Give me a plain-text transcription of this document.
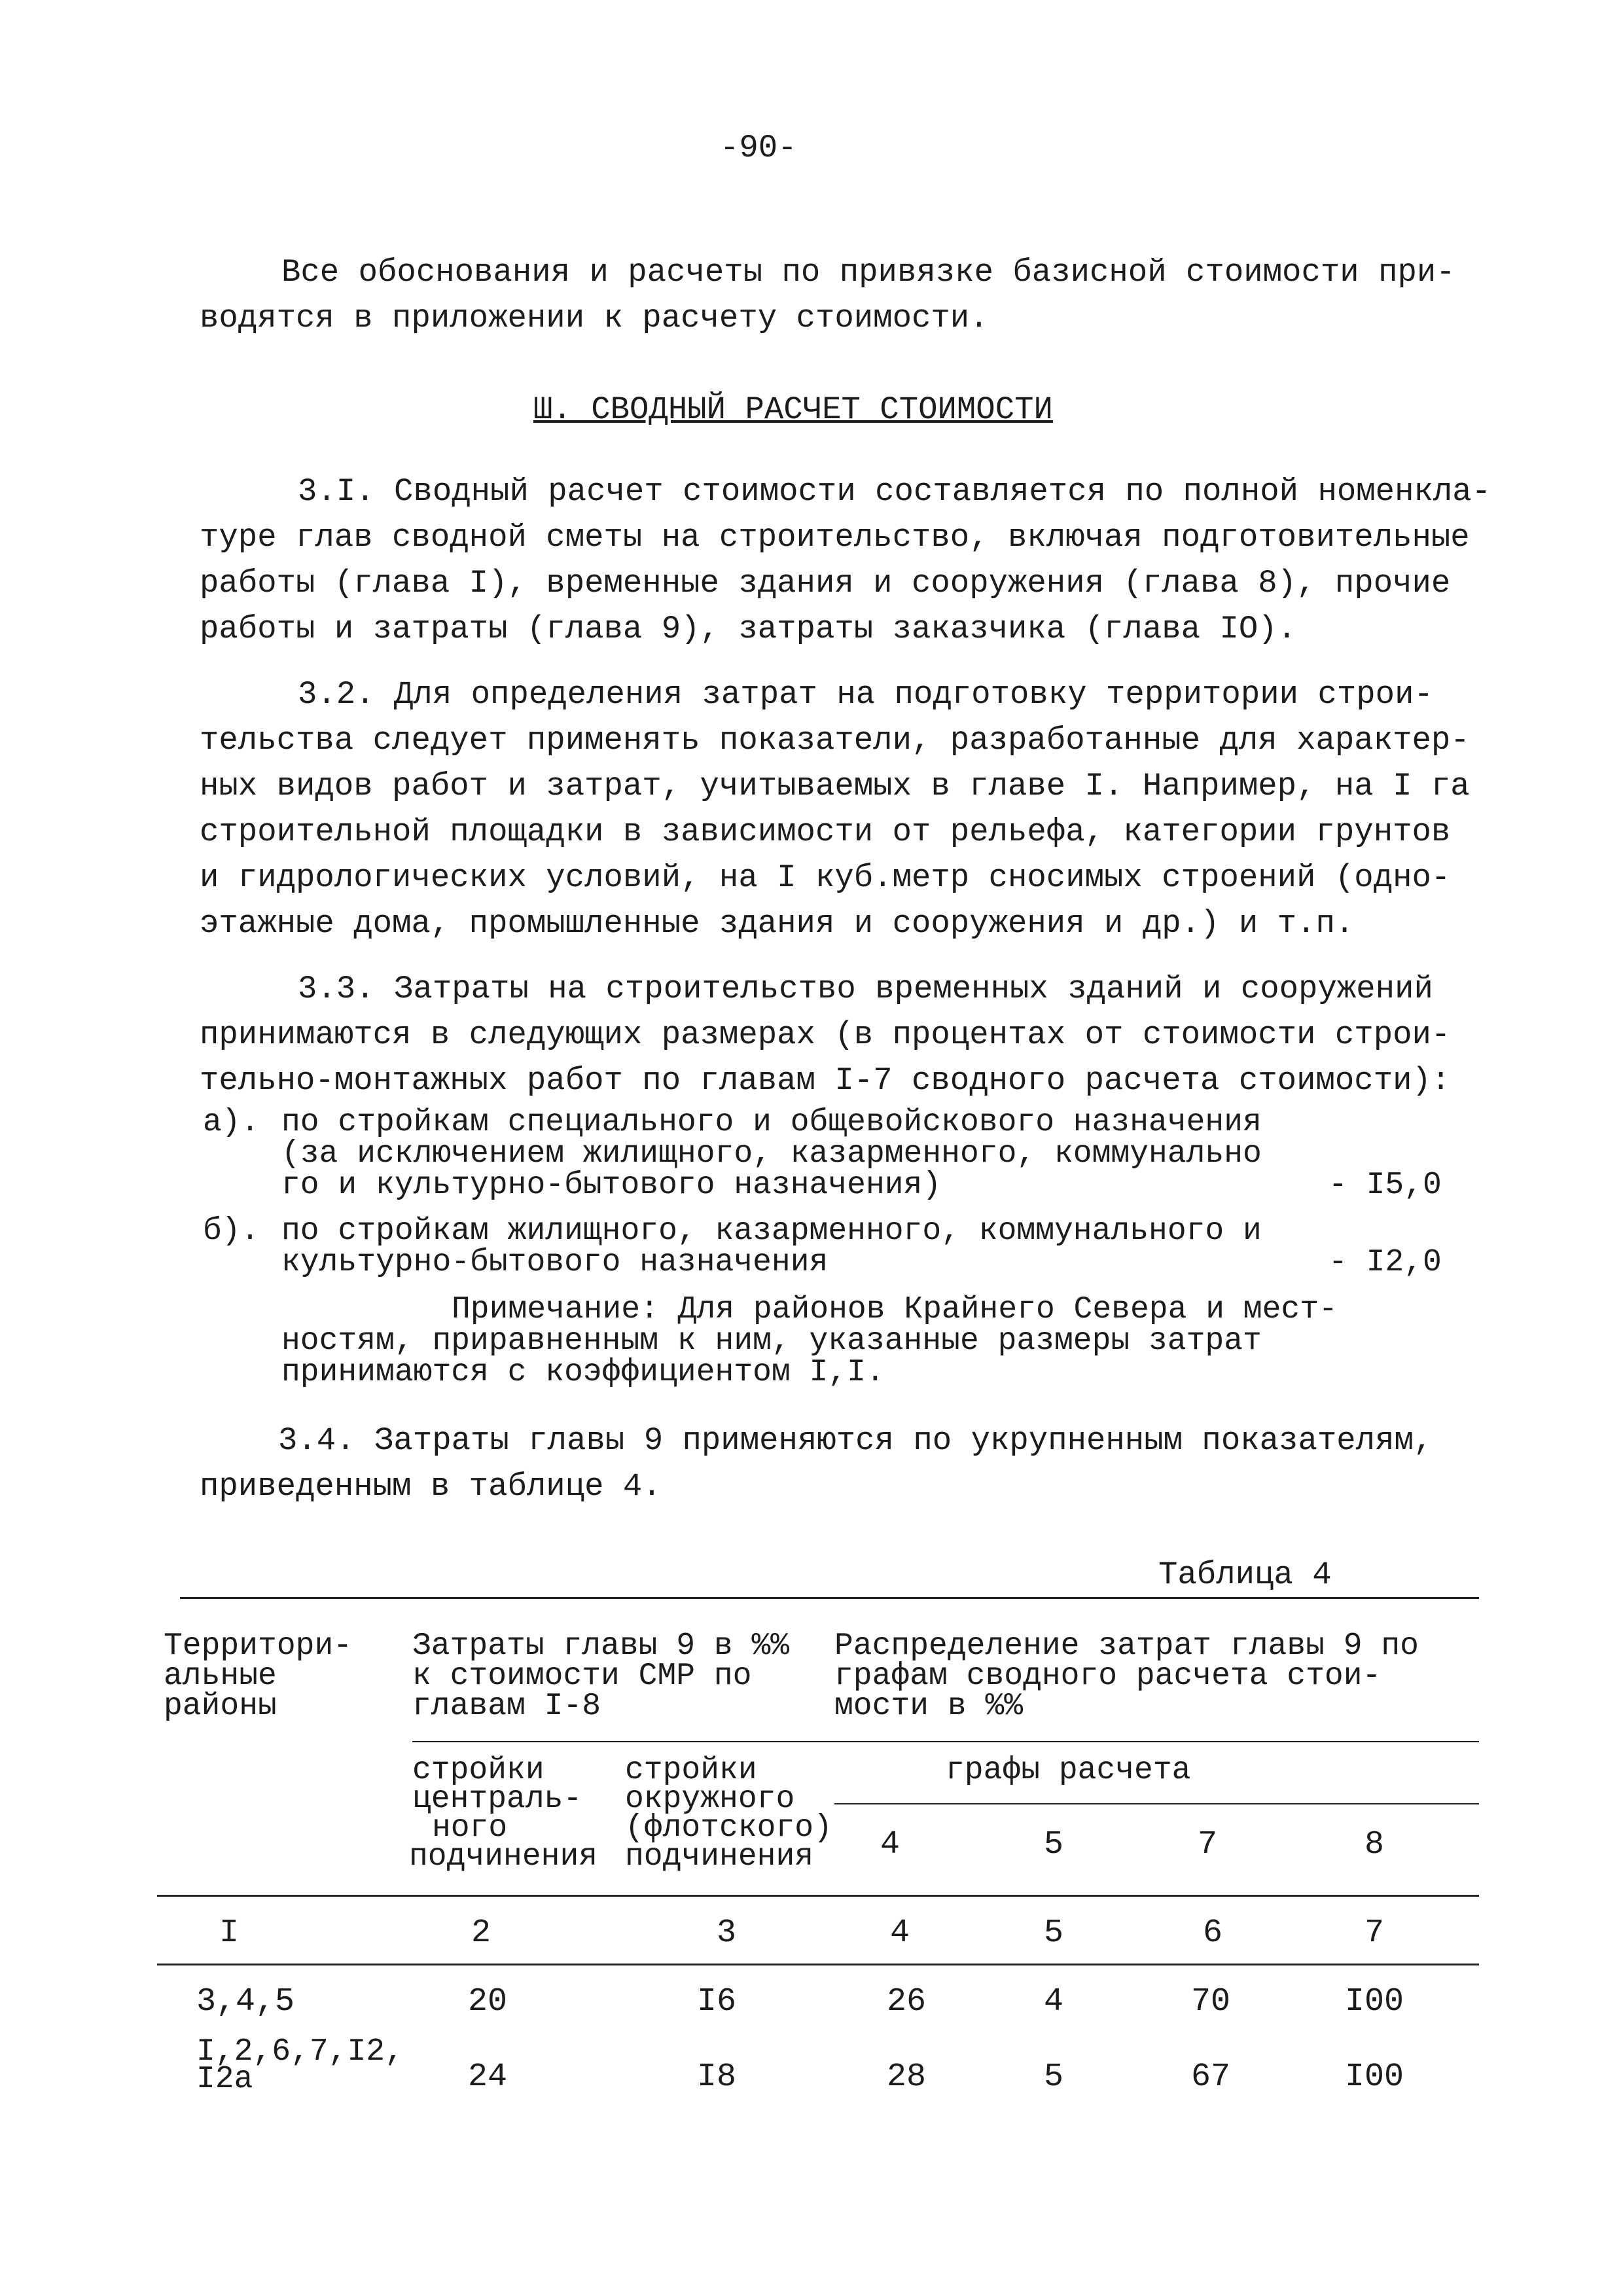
-90-
Все обоснования и расчеты по привязке базисной стоимости при-
водятся в приложении к расчету стоимости.
Ш. СВОДНЫЙ РАСЧЕТ СТОИМОСТИ
3.I. Сводный расчет стоимости составляется по полной номенкла-
туре глав сводной сметы на строительство, включая подготовительные
работы (глава I), временные здания и сооружения (глава 8), прочие
работы и затраты (глава 9), затраты заказчика (глава IO).
3.2. Для определения затрат на подготовку территории строи-
тельства следует применять показатели, разработанные для характер-
ных видов работ и затрат, учитываемых в главе I. Например, на I га
строительной площадки в зависимости от рельефа, категории грунтов
и гидрологических условий, на I куб.метр сносимых строений (одно-
этажные дома, промышленные здания и сооружения и др.) и т.п.
3.3. Затраты на строительство временных зданий и сооружений
принимаются в следующих размерах (в процентах от стоимости строи-
тельно-монтажных работ по главам I-7 сводного расчета стоимости):
а). по стройкам специального и общевойскового назначения
(за исключением жилищного, казарменного, коммунально
го и культурно-бытового назначения)	- I5,0
б). по стройкам жилищного, казарменного, коммунального и
культурно-бытового назначения	- I2,0
Примечание: Для районов Крайнего Севера и мест-
ностям, приравненным к ним, указанные размеры затрат
принимаются с коэффициентом I,I.
3.4. Затраты главы 9 применяются по укрупненным показателям,
приведенным в таблице 4.
Таблица 4
Территори-
альные
районы
Затраты главы 9 в %%
к стоимости СМР по
главам I-8
Распределение затрат главы 9 по
графам сводного расчета стои-
мости в %%
стройки
централь-
ного
подчинения
стройки
окружного
(флотского)
подчинения
графы расчета
4	5	7	8
I	2	3	4	5	6	7
3,4,5	20	I6	26	4	70	I00
I,2,6,7,I2,
I2а	24	I8	28	5	67	I00
